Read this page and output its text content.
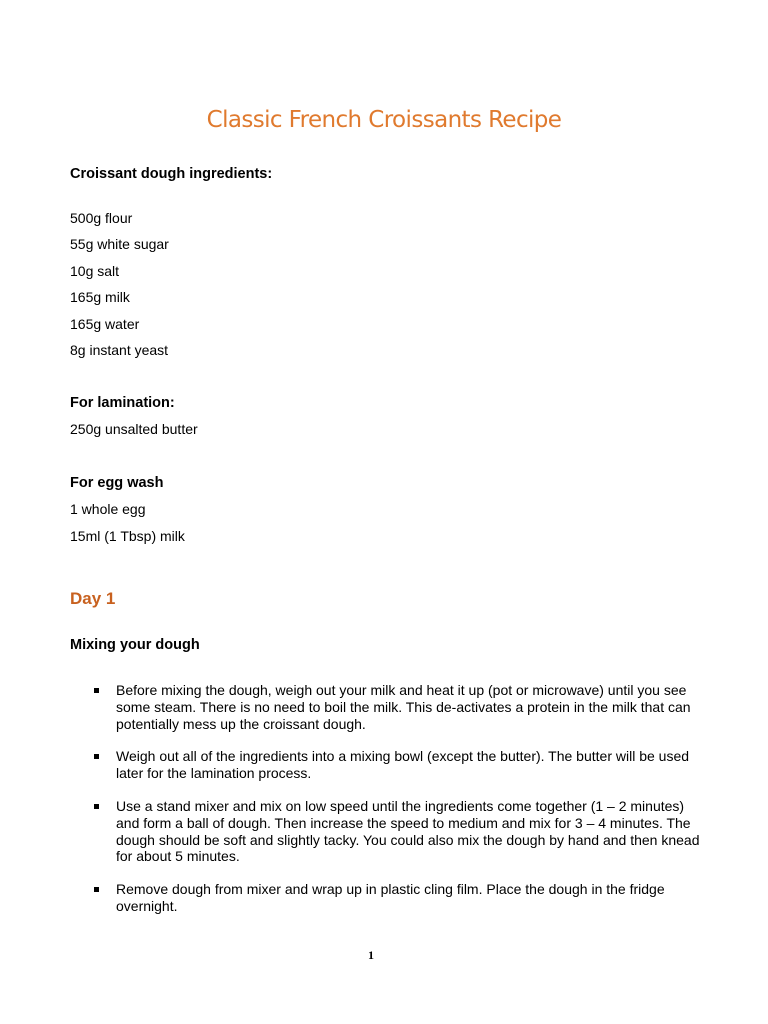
Classic French Croissants Recipe
Croissant dough ingredients:
500g flour
55g white sugar
10g salt
165g milk
165g water
8g instant yeast
For lamination:
250g unsalted butter
For egg wash
1 whole egg
15ml (1 Tbsp) milk
Day 1
Mixing your dough
Before mixing the dough, weigh out your milk and heat it up (pot or microwave) until you see some steam. There is no need to boil the milk. This de-activates a protein in the milk that can potentially mess up the croissant dough.
Weigh out all of the ingredients into a mixing bowl (except the butter). The butter will be used later for the lamination process.
Use a stand mixer and mix on low speed until the ingredients come together (1 – 2 minutes) and form a ball of dough. Then increase the speed to medium and mix for 3 – 4 minutes. The dough should be soft and slightly tacky. You could also mix the dough by hand and then knead for about 5 minutes.
Remove dough from mixer and wrap up in plastic cling film. Place the dough in the fridge overnight.
1
